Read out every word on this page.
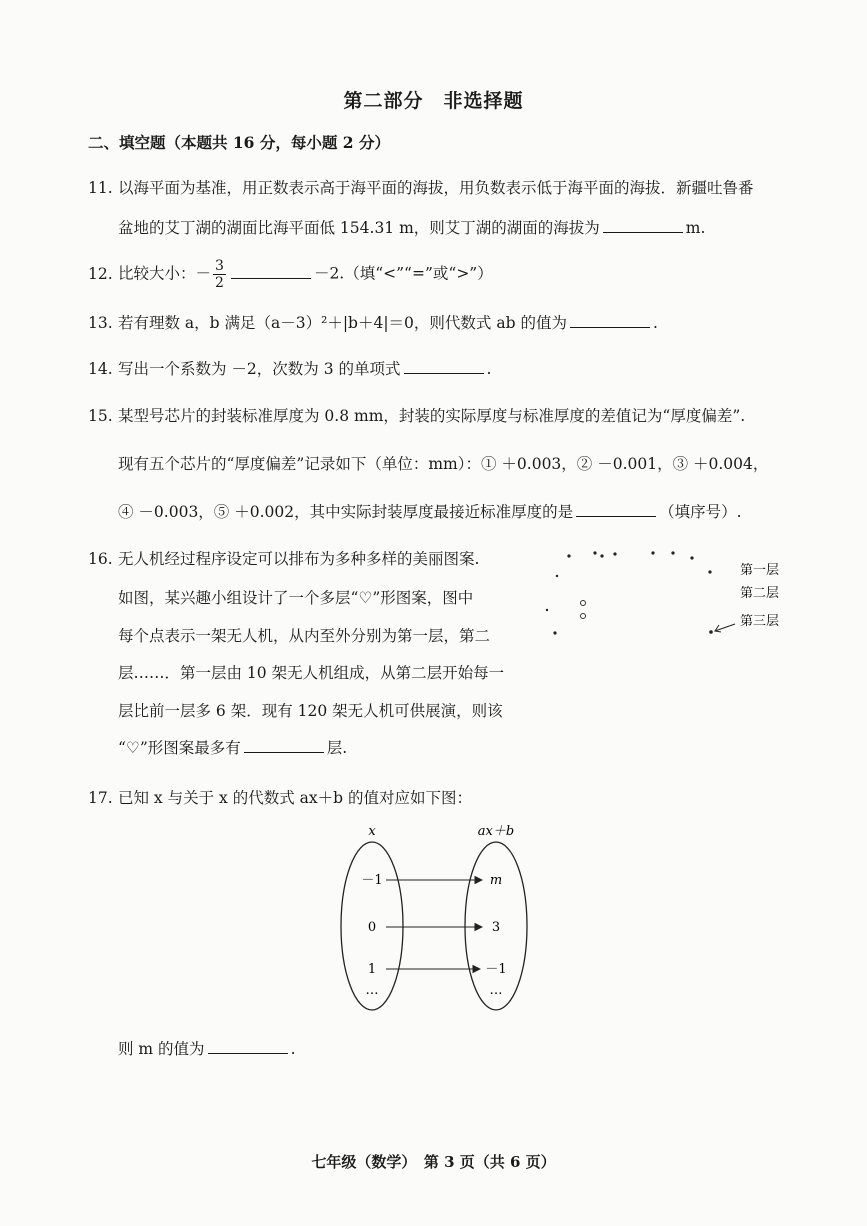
第二部分　非选择题
二、填空题（本题共 16 分，每小题 2 分）
11. 以海平面为基准，用正数表示高于海平面的海拔，用负数表示低于海平面的海拔．新疆吐鲁番
盆地的艾丁湖的湖面比海平面低 154.31 m，则艾丁湖的湖面的海拔为	m.
12. 比较大小：－ $\frac{3}{2}$	－2.（填“<”“=”或“>”）
13. 若有理数 a，b 满足（a－3）²＋|b＋4|＝0，则代数式 ab 的值为	.
14. 写出一个系数为 －2，次数为 3 的单项式	.
15. 某型号芯片的封装标准厚度为 0.8 mm，封装的实际厚度与标准厚度的差值记为“厚度偏差”.
现有五个芯片的“厚度偏差”记录如下（单位：mm）：① ＋0.003，② －0.001，③ ＋0.004，
④ －0.003，⑤ ＋0.002，其中实际封装厚度最接近标准厚度的是	（填序号）.
16. 无人机经过程序设定可以排布为多种多样的美丽图案.
如图，某兴趣小组设计了一个多层“♡”形图案，图中
每个点表示一架无人机，从内至外分别为第一层，第二
层……．第一层由 10 架无人机组成，从第二层开始每一
层比前一层多 6 架．现有 120 架无人机可供展演，则该
“♡”形图案最多有	层.
第一层
第二层
第三层
17. 已知 x 与关于 x 的代数式 ax＋b 的值对应如下图：
x	ax＋b
－1
0
1
…
m
3
－1
…
则 m 的值为	.
七年级（数学）　第 3 页（共 6 页）
